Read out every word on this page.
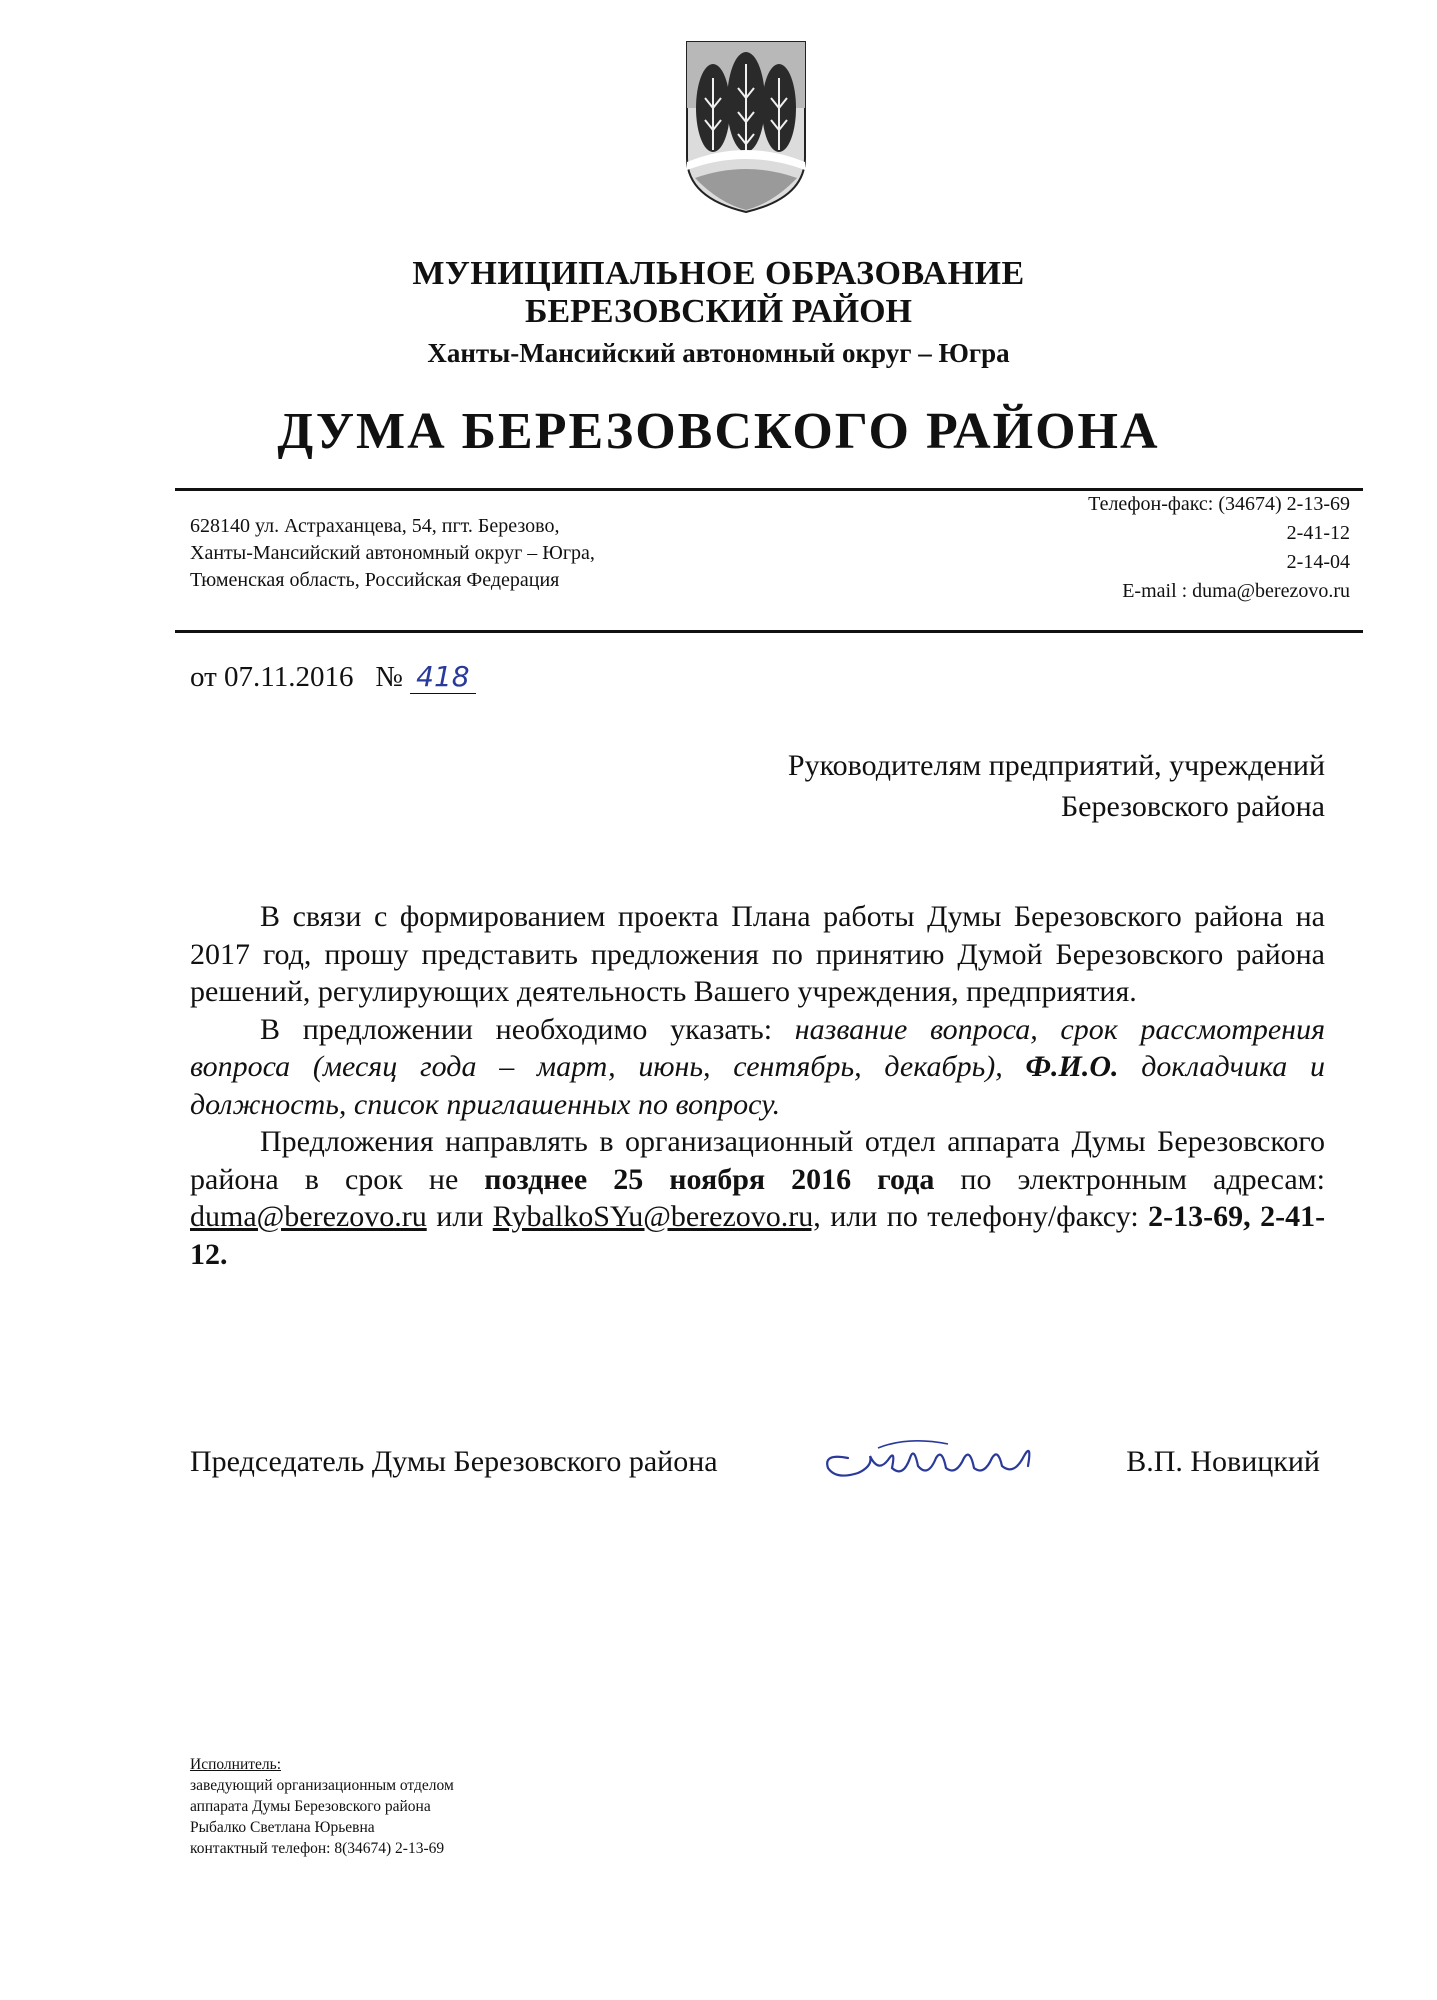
МУНИЦИПАЛЬНОЕ ОБРАЗОВАНИЕ
БЕРЕЗОВСКИЙ РАЙОН
Ханты-Мансийский автономный округ – Югра
ДУМА БЕРЕЗОВСКОГО РАЙОНА
628140 ул. Астраханцева, 54, пгт. Березово,
Ханты-Мансийский автономный округ – Югра,
Тюменская область, Российская Федерация
Телефон-факс: (34674) 2-13-69
2-41-12
2-14-04
E-mail : duma@berezovo.ru
от 07.11.2016 № 418
Руководителям предприятий, учреждений
Березовского района

В связи с формированием проекта Плана работы Думы Березовского района на 2017 год, прошу представить предложения по принятию Думой Березовского района решений, регулирующих деятельность Вашего учреждения, предприятия.

В предложении необходимо указать: название вопроса, срок рассмотрения вопроса (месяц года – март, июнь, сентябрь, декабрь), Ф.И.О. докладчика и должность, список приглашенных по вопросу.

Предложения направлять в организационный отдел аппарата Думы Березовского района в срок не позднее 25 ноября 2016 года по электронным адресам: duma@berezovo.ru или RybalkoSYu@berezovo.ru, или по телефону/факсу: 2-13-69, 2-41-12.

Председатель Думы Березовского района	В.П. Новицкий
Исполнитель:
заведующий организационным отделом
аппарата Думы Березовского района
Рыбалко Светлана Юрьевна
контактный телефон: 8(34674) 2-13-69
